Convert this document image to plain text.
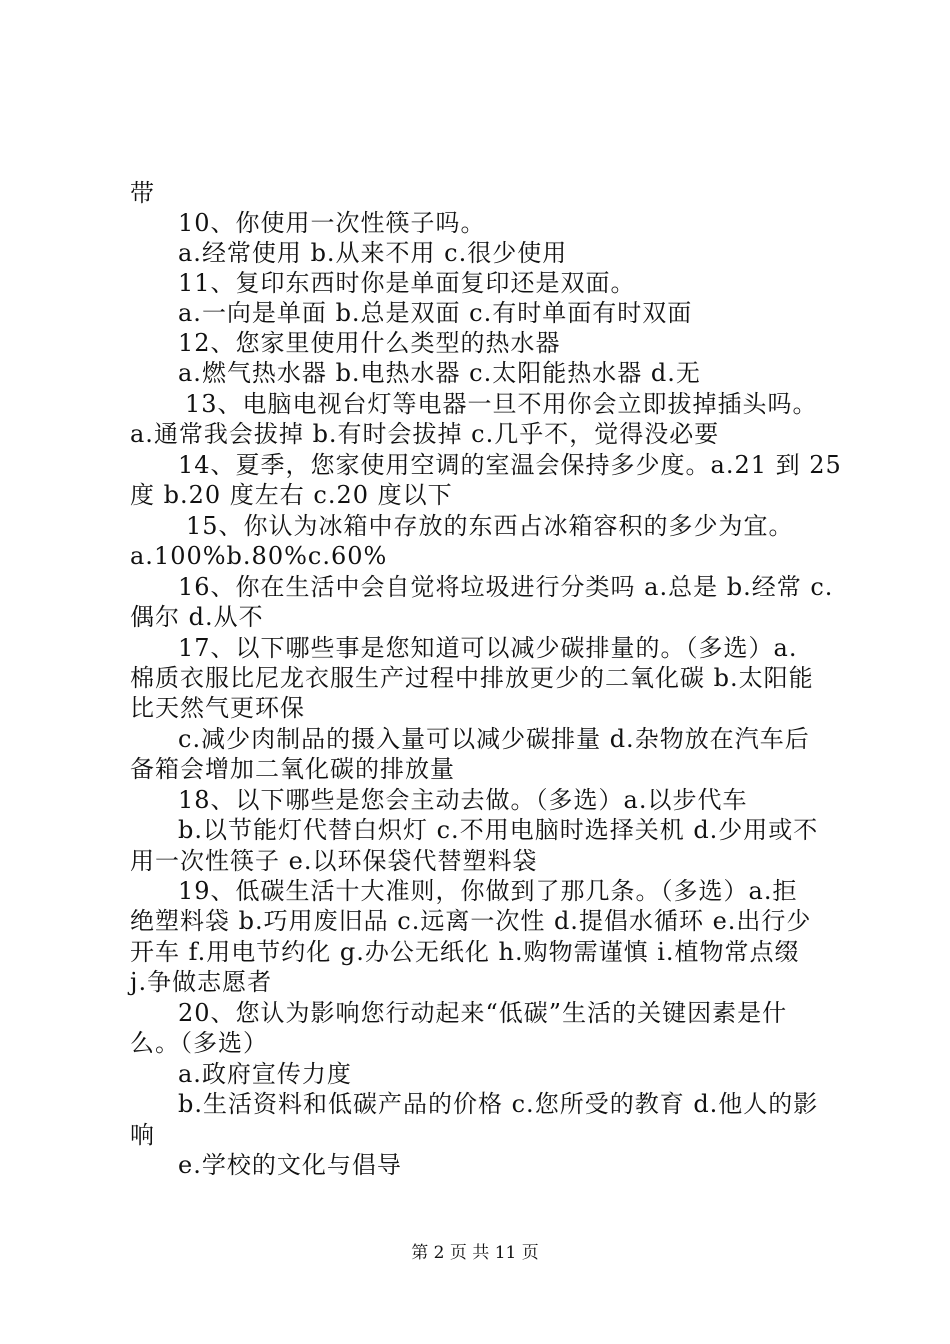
带
10、你使用一次性筷子吗。
a.经常使用 b.从来不用 c.很少使用
11、复印东西时你是单面复印还是双面。
a.一向是单面 b.总是双面 c.有时单面有时双面
12、您家里使用什么类型的热水器
a.燃气热水器 b.电热水器 c.太阳能热水器 d.无
13、电脑电视台灯等电器一旦不用你会立即拔掉插头吗。
a.通常我会拔掉 b.有时会拔掉 c.几乎不，觉得没必要
14、夏季，您家使用空调的室温会保持多少度。a.21 到 25
度 b.20 度左右 c.20 度以下
15、你认为冰箱中存放的东西占冰箱容积的多少为宜。
a.100%b.80%c.60%
16、你在生活中会自觉将垃圾进行分类吗 a.总是 b.经常 c.
偶尔 d.从不
17、以下哪些事是您知道可以减少碳排量的。（多选）a.
棉质衣服比尼龙衣服生产过程中排放更少的二氧化碳 b.太阳能
比天然气更环保
c.减少肉制品的摄入量可以减少碳排量 d.杂物放在汽车后
备箱会增加二氧化碳的排放量
18、以下哪些是您会主动去做。（多选）a.以步代车
b.以节能灯代替白炽灯 c.不用电脑时选择关机 d.少用或不
用一次性筷子 e.以环保袋代替塑料袋
19、低碳生活十大准则，你做到了那几条。（多选）a.拒
绝塑料袋 b.巧用废旧品 c.远离一次性 d.提倡水循环 e.出行少
开车 f.用电节约化 g.办公无纸化 h.购物需谨慎 i.植物常点缀
j.争做志愿者
20、您认为影响您行动起来“低碳”生活的关键因素是什
么。（多选）
a.政府宣传力度
b.生活资料和低碳产品的价格 c.您所受的教育 d.他人的影
响
e.学校的文化与倡导
第 2 页 共 11 页
